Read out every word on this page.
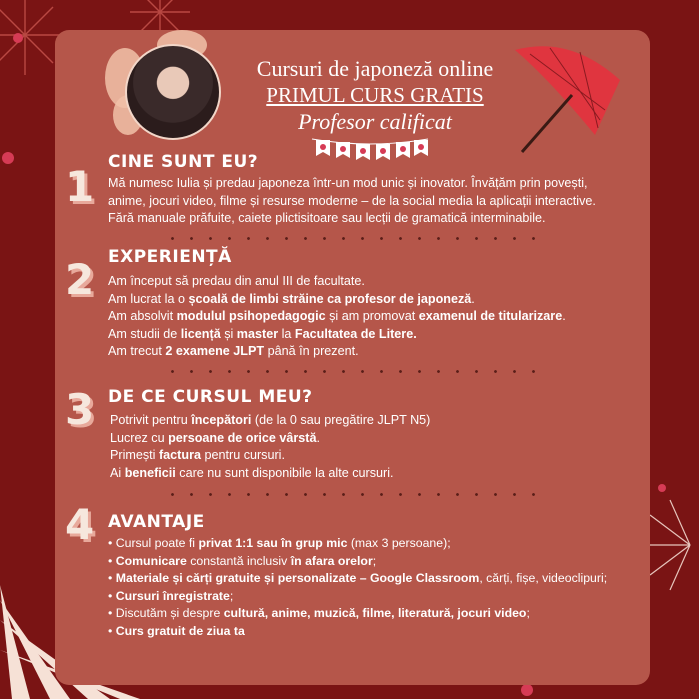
Cursuri de japoneză online
PRIMUL CURS GRATIS
Profesor calificat
1 CINE SUNT EU?
Mă numesc Iulia și predau japoneza într-un mod unic și inovator. Învățăm prin povești,
anime, jocuri video, filme și resurse moderne – de la social media la aplicații interactive.
Fără manuale prăfuite, caiete plictisitoare sau lecții de gramatică interminabile.
2 EXPERIENȚĂ
Am început să predau din anul III de facultate.
Am lucrat la o școală de limbi străine ca profesor de japoneză.
Am absolvit modulul psihopedagogic și am promovat examenul de titularizare.
Am studii de licență și master la Facultatea de Litere.
Am trecut 2 examene JLPT până în prezent.
3 DE CE CURSUL MEU?
Potrivit pentru începători (de la 0 sau pregătire JLPT N5)
Lucrez cu persoane de orice vârstă.
Primești factura pentru cursuri.
Ai beneficii care nu sunt disponibile la alte cursuri.
4 AVANTAJE
• Cursul poate fi privat 1:1 sau în grup mic (max 3 persoane);
• Comunicare constantă inclusiv în afara orelor;
• Materiale și cărți gratuite și personalizate – Google Classroom, cărți, fișe, videoclipuri;
• Cursuri înregistrate;
• Discutăm și despre cultură, anime, muzică, filme, literatură, jocuri video;
• Curs gratuit de ziua ta
